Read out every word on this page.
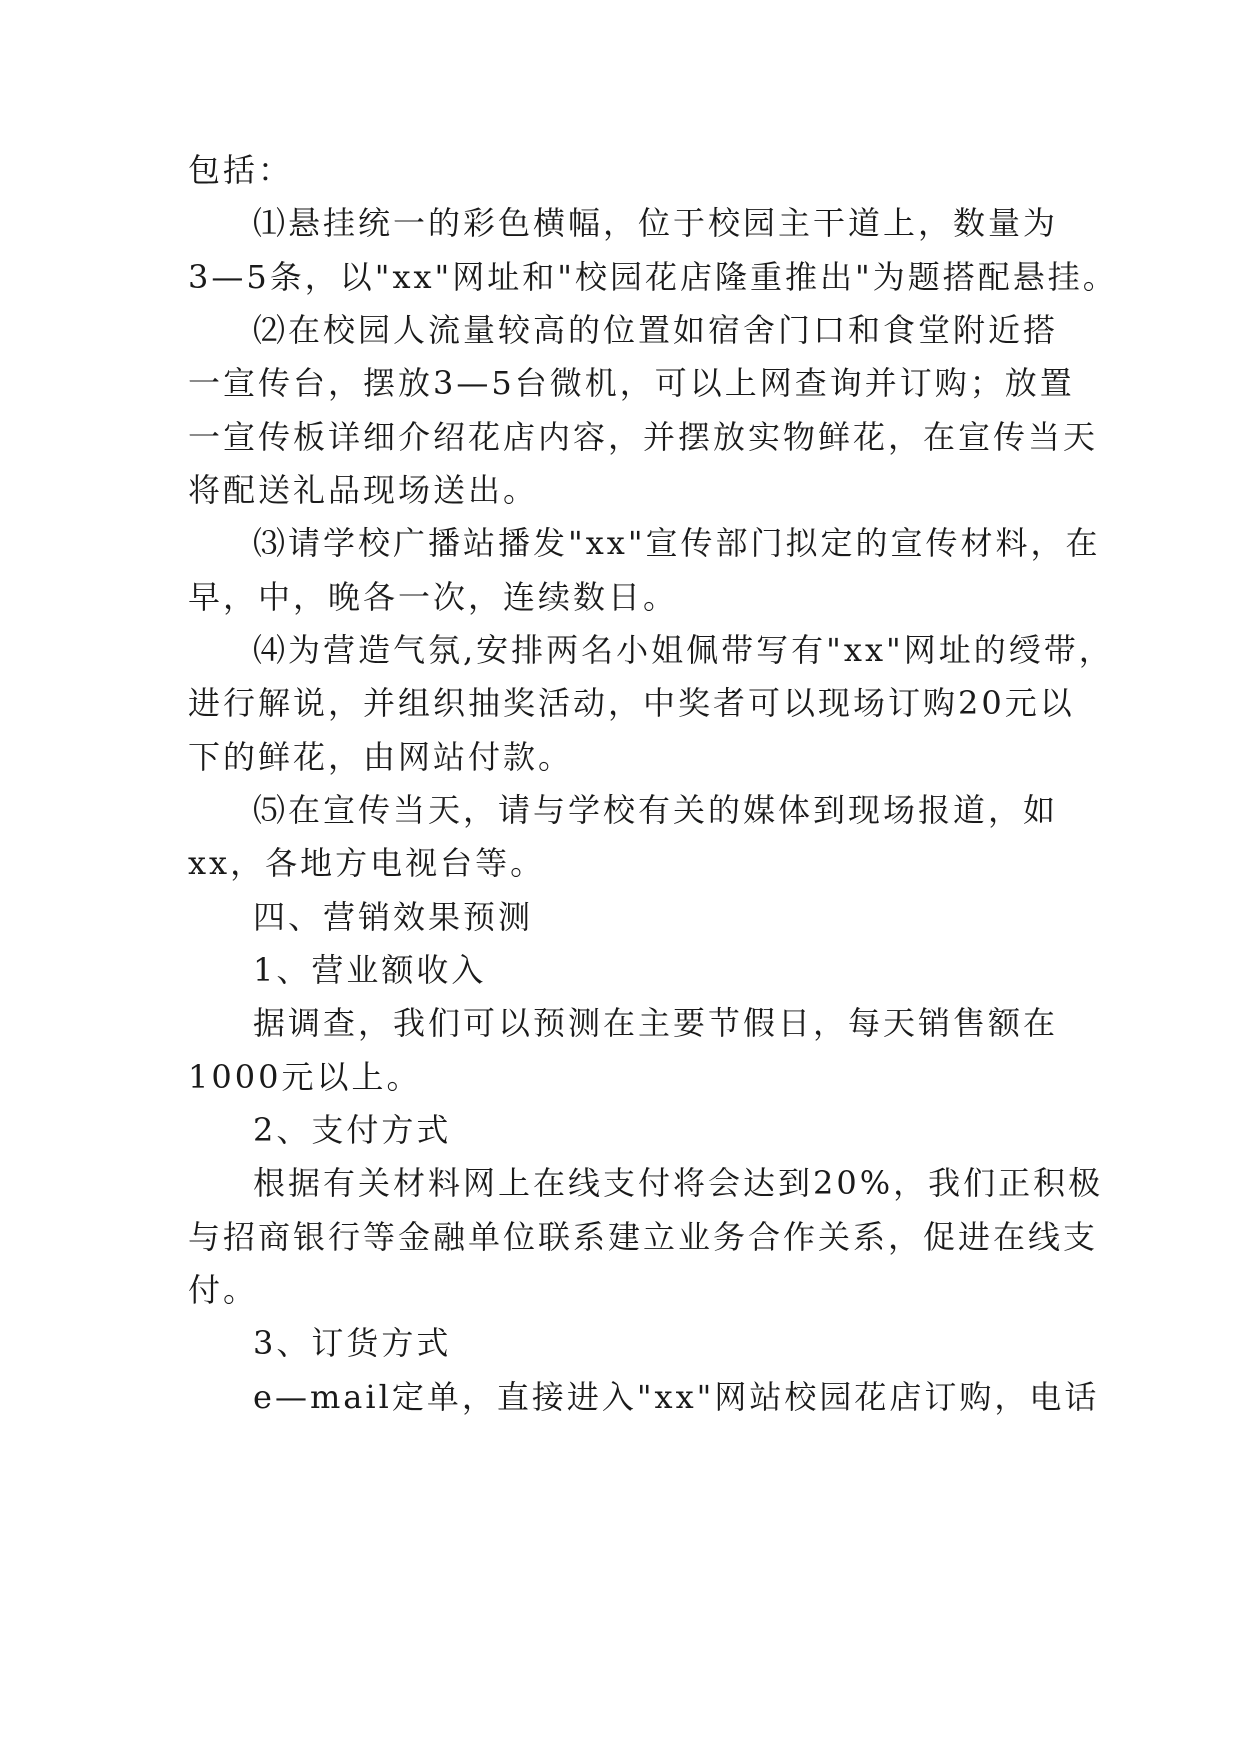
包括：
⑴悬挂统一的彩色横幅，位于校园主干道上，数量为
3—5条，以"xx"网址和"校园花店隆重推出"为题搭配悬挂。
⑵在校园人流量较高的位置如宿舍门口和食堂附近搭
一宣传台，摆放3—5台微机，可以上网查询并订购；放置
一宣传板详细介绍花店内容，并摆放实物鲜花，在宣传当天
将配送礼品现场送出。
⑶请学校广播站播发"xx"宣传部门拟定的宣传材料，在
早，中，晚各一次，连续数日。
⑷为营造气氛,安排两名小姐佩带写有"xx"网址的绶带，
进行解说，并组织抽奖活动，中奖者可以现场订购20元以
下的鲜花，由网站付款。
⑸在宣传当天，请与学校有关的媒体到现场报道，如
xx，各地方电视台等。
四、营销效果预测
1、营业额收入
据调查，我们可以预测在主要节假日，每天销售额在
1000元以上。
2、支付方式
根据有关材料网上在线支付将会达到20%，我们正积极
与招商银行等金融单位联系建立业务合作关系，促进在线支
付。
3、订货方式
e—mail定单，直接进入"xx"网站校园花店订购，电话
